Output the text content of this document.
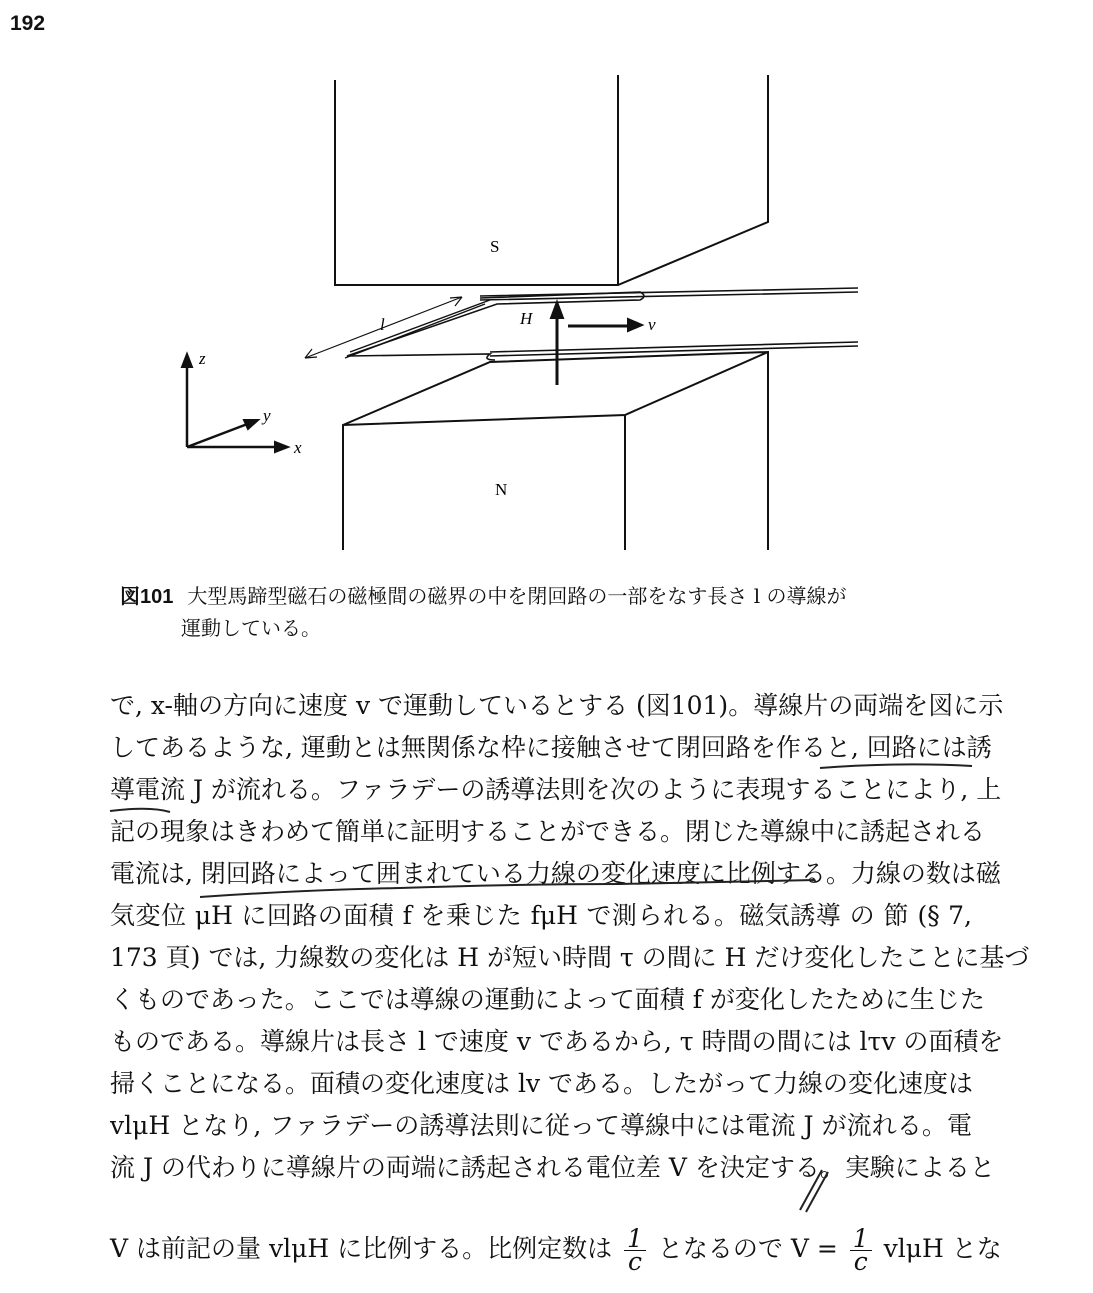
192
S
N
H	v
l
x
y
z
図101 大型馬蹄型磁石の磁極間の磁界の中を閉回路の一部をなす長さ l の導線が
運動している。
で, x-軸の方向に速度 v で運動しているとする (図101)。導線片の両端を図に示
してあるような, 運動とは無関係な枠に接触させて閉回路を作ると, 回路には誘
導電流 J が流れる。ファラデーの誘導法則を次のように表現することにより, 上
記の現象はきわめて簡単に証明することができる。閉じた導線中に誘起される
電流は, 閉回路によって囲まれている力線の変化速度に比例する。力線の数は磁
気変位 μH に回路の面積 f を乗じた fμH で測られる。磁気誘導 の 節 (§ 7,
173 頁) では, 力線数の変化は H が短い時間 τ の間に H だけ変化したことに基づ
くものであった。ここでは導線の運動によって面積 f が変化したために生じた
ものである。導線片は長さ l で速度 v であるから, τ 時間の間には lτv の面積を
掃くことになる。面積の変化速度は lv である。したがって力線の変化速度は
vlμH となり, ファラデーの誘導法則に従って導線中には電流 J が流れる。電
流 J の代わりに導線片の両端に誘起される電位差 V を決定する。実験によると
V は前記の量 vlμH に比例する。比例定数は $\frac{1}{c}$ となるので $V = \frac{1}{c}$ vlμH とな
